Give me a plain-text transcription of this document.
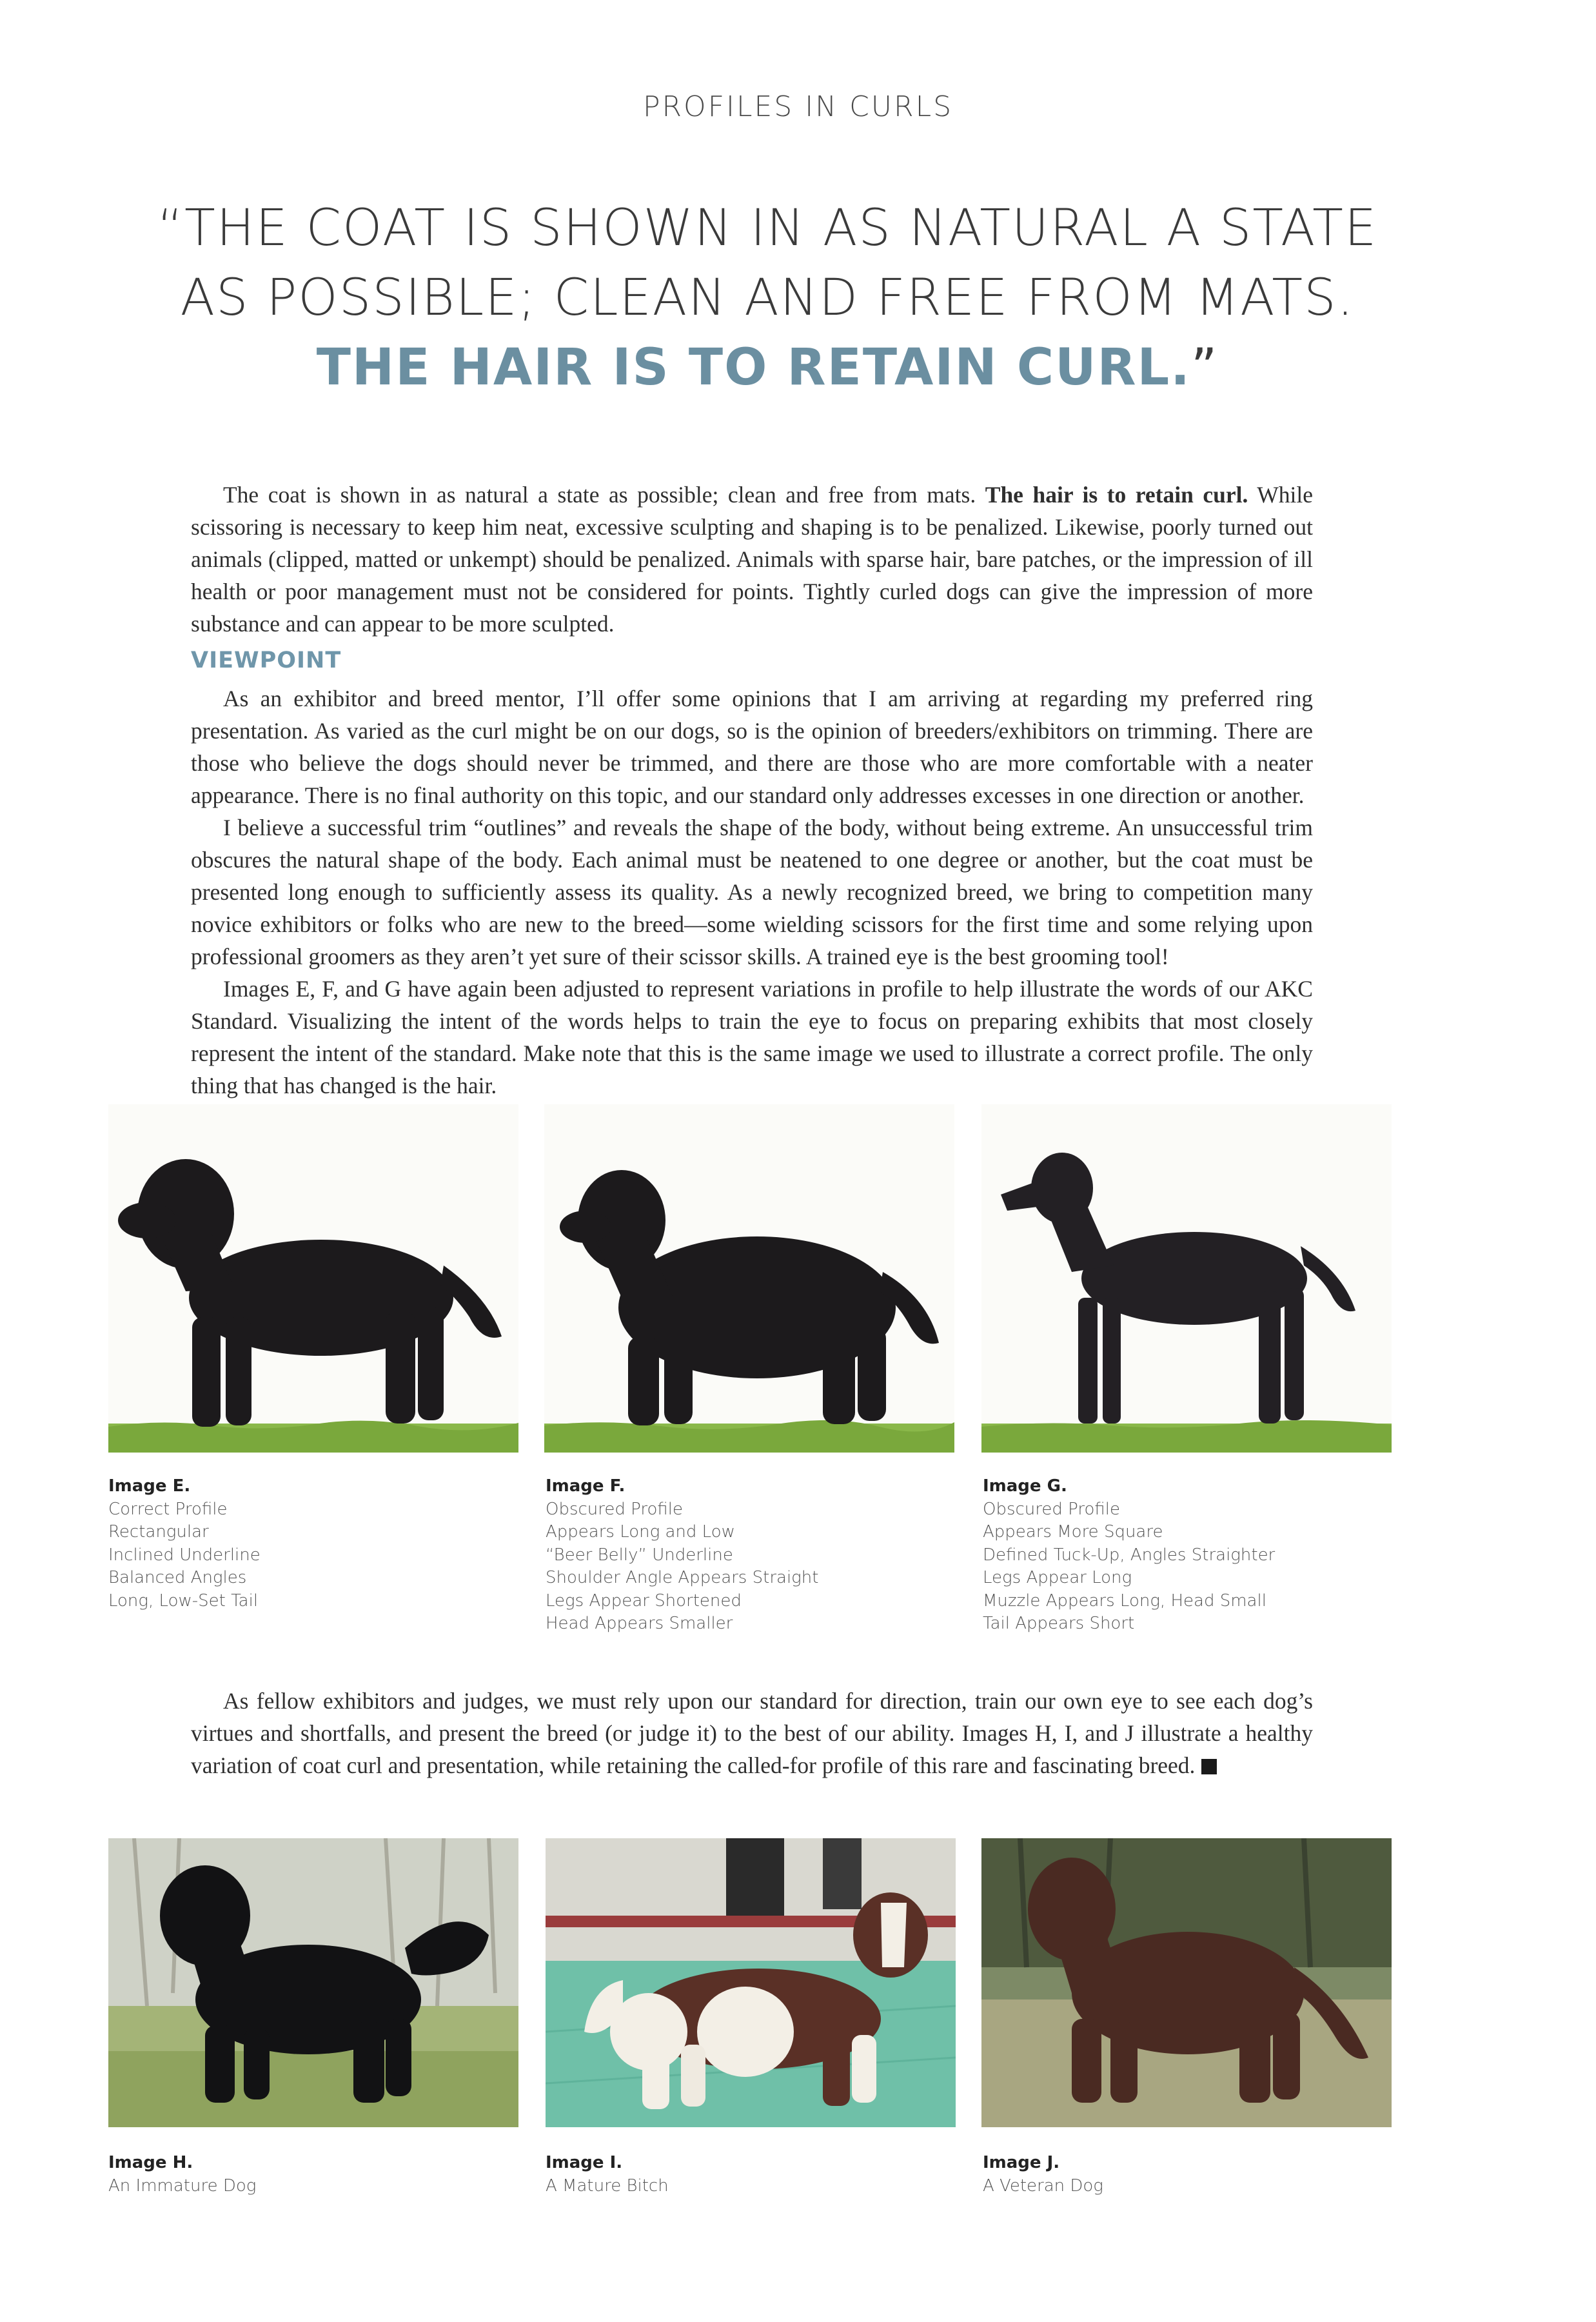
PROFILES IN CURLS
“THE COAT IS SHOWN IN AS NATURAL A STATE
AS POSSIBLE; CLEAN AND FREE FROM MATS.
THE HAIR IS TO RETAIN CURL.”

The coat is shown in as natural a state as possible; clean and free from mats. The hair is to retain curl. While scissoring is necessary to keep him neat, excessive sculpting and shaping is to be penalized. Likewise, poorly turned out animals (clipped, matted or unkempt) should be penalized. Animals with sparse hair, bare patches, or the impression of ill health or poor management must not be considered for points. Tightly curled dogs can give the impression of more substance and can appear to be more sculpted.

VIEWPOINT

As an exhibitor and breed mentor, I’ll offer some opinions that I am arriving at regarding my preferred ring presentation. As varied as the curl might be on our dogs, so is the opinion of breeders/exhibitors on trimming. There are those who believe the dogs should never be trimmed, and there are those who are more comfortable with a neater appearance. There is no final authority on this topic, and our standard only addresses excesses in one direction or another.

I believe a successful trim “outlines” and reveals the shape of the body, without being extreme. An unsuccessful trim obscures the natural shape of the body. Each animal must be neatened to one degree or another, but the coat must be presented long enough to sufficiently assess its quality. As a newly recognized breed, we bring to competition many novice exhibitors or folks who are new to the breed—some wielding scissors for the first time and some relying upon professional groomers as they aren’t yet sure of their scissor skills. A trained eye is the best grooming tool!

Images E, F, and G have again been adjusted to represent variations in profile to help illustrate the words of our AKC Standard. Visualizing the intent of the words helps to train the eye to focus on preparing exhibits that most closely represent the intent of the standard. Make note that this is the same image we used to illustrate a correct profile. The only thing that has changed is the hair.

Image E.
Correct Profile
Rectangular
Inclined Underline
Balanced Angles
Long, Low-Set Tail
Image F.
Obscured Profile
Appears Long and Low
“Beer Belly” Underline
Shoulder Angle Appears Straight
Legs Appear Shortened
Head Appears Smaller
Image G.
Obscured Profile
Appears More Square
Defined Tuck-Up, Angles Straighter
Legs Appear Long
Muzzle Appears Long, Head Small
Tail Appears Short

As fellow exhibitors and judges, we must rely upon our standard for direction, train our own eye to see each dog’s virtues and shortfalls, and present the breed (or judge it) to the best of our ability. Images H, I, and J illustrate a healthy variation of coat curl and presentation, while retaining the called-for profile of this rare and fascinating breed.

Image H.
An Immature Dog
Image I.
A Mature Bitch
Image J.
A Veteran Dog
